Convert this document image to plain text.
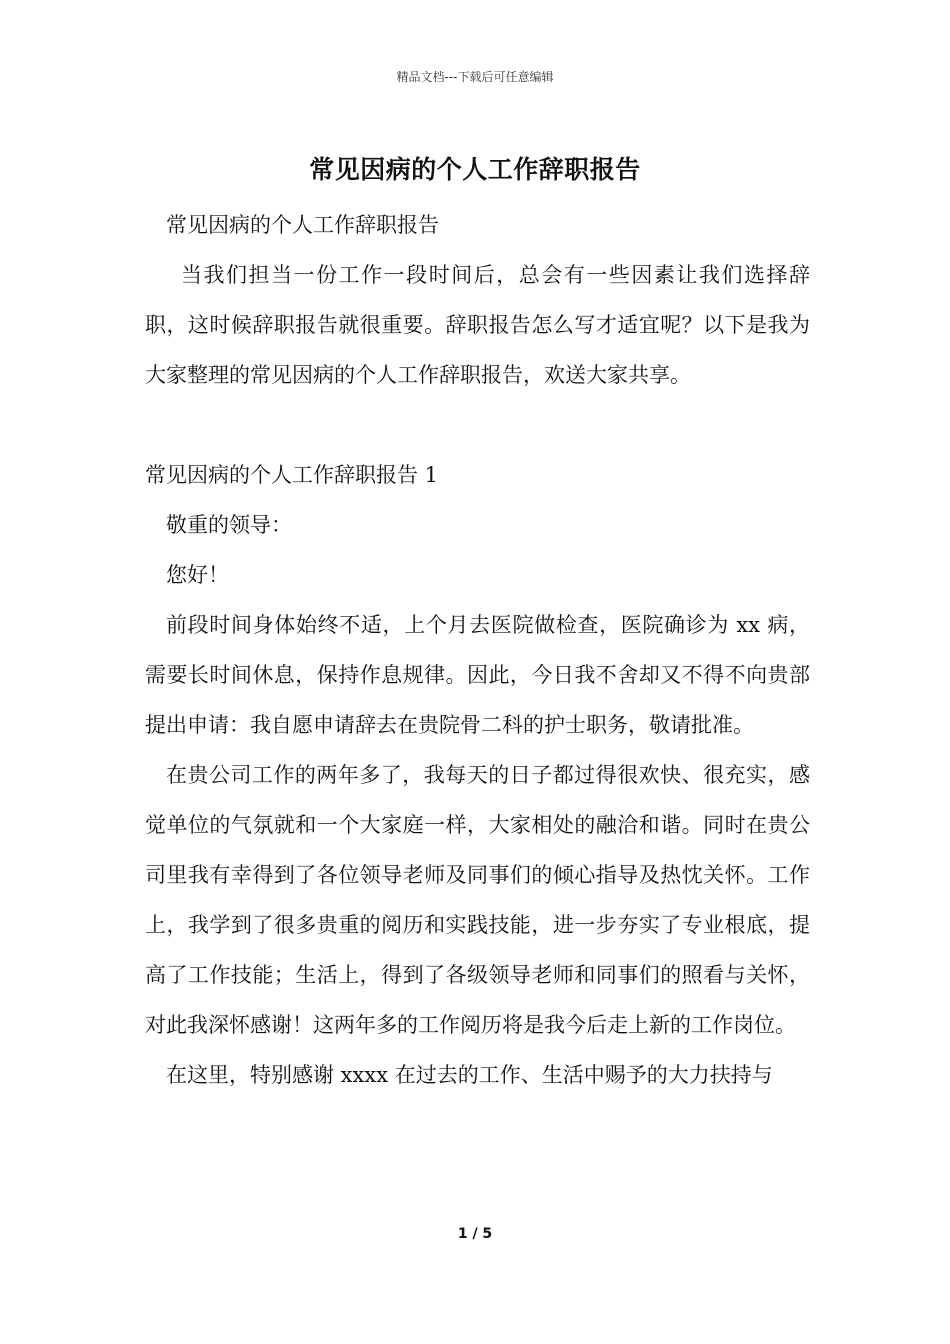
精品文档---下载后可任意编辑
常见因病的个人工作辞职报告

常见因病的个人工作辞职报告

当我们担当一份工作一段时间后，总会有一些因素让我们选择辞职，这时候辞职报告就很重要。辞职报告怎么写才适宜呢？以下是我为大家整理的常见因病的个人工作辞职报告，欢送大家共享。

常见因病的个人工作辞职报告 1

敬重的领导：

您好！

前段时间身体始终不适，上个月去医院做检查，医院确诊为 xx 病，需要长时间休息，保持作息规律。因此，今日我不舍却又不得不向贵部提出申请：我自愿申请辞去在贵院骨二科的护士职务，敬请批准。

在贵公司工作的两年多了，我每天的日子都过得很欢快、很充实，感觉单位的气氛就和一个大家庭一样，大家相处的融洽和谐。同时在贵公司里我有幸得到了各位领导老师及同事们的倾心指导及热忱关怀。工作上，我学到了很多贵重的阅历和实践技能，进一步夯实了专业根底，提高了工作技能；生活上，得到了各级领导老师和同事们的照看与关怀，对此我深怀感谢！这两年多的工作阅历将是我今后走上新的工作岗位。

在这里，特别感谢 xxxx 在过去的工作、生活中赐予的大力扶持与

1 / 5
